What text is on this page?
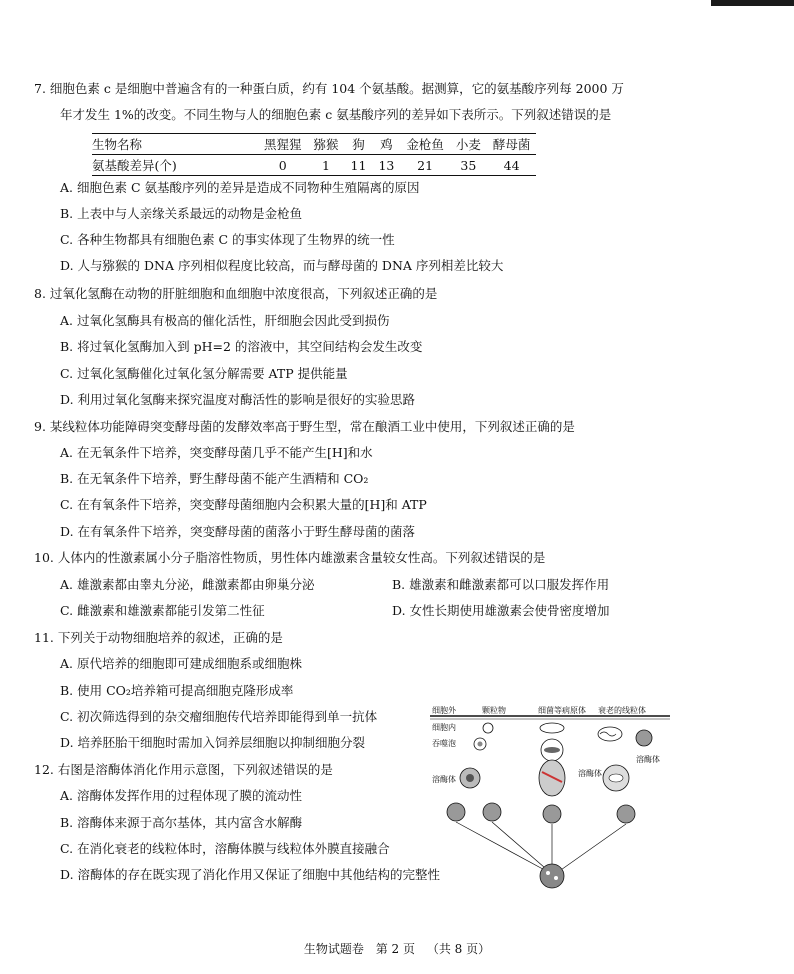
7. 细胞色素 c 是细胞中普遍含有的一种蛋白质，约有 104 个氨基酸。据测算，它的氨基酸序列每 2000 万
年才发生 1%的改变。不同生物与人的细胞色素 c 氨基酸序列的差异如下表所示。下列叙述错误的是
生物名称	黑猩猩	猕猴	狗	鸡	金枪鱼	小麦	酵母菌
氨基酸差异(个)	0	1	11	13	21	35	44
A. 细胞色素 C 氨基酸序列的差异是造成不同物种生殖隔离的原因
B. 上表中与人亲缘关系最远的动物是金枪鱼
C. 各种生物都具有细胞色素 C 的事实体现了生物界的统一性
D. 人与猕猴的 DNA 序列相似程度比较高，而与酵母菌的 DNA 序列相差比较大
8. 过氧化氢酶在动物的肝脏细胞和血细胞中浓度很高，下列叙述正确的是
A. 过氧化氢酶具有极高的催化活性，肝细胞会因此受到损伤
B. 将过氧化氢酶加入到 pH=2 的溶液中，其空间结构会发生改变
C. 过氧化氢酶催化过氧化氢分解需要 ATP 提供能量
D. 利用过氧化氢酶来探究温度对酶活性的影响是很好的实验思路
9. 某线粒体功能障碍突变酵母菌的发酵效率高于野生型，常在酿酒工业中使用，下列叙述正确的是
A. 在无氧条件下培养，突变酵母菌几乎不能产生[H]和水
B. 在无氧条件下培养，野生酵母菌不能产生酒精和 CO₂
C. 在有氧条件下培养，突变酵母菌细胞内会积累大量的[H]和 ATP
D. 在有氧条件下培养，突变酵母菌的菌落小于野生酵母菌的菌落
10. 人体内的性激素属小分子脂溶性物质，男性体内雄激素含量较女性高。下列叙述错误的是
A. 雄激素都由睾丸分泌，雌激素都由卵巢分泌	B. 雄激素和雌激素都可以口服发挥作用
C. 雌激素和雄激素都能引发第二性征	D. 女性长期使用雄激素会使骨密度增加
11. 下列关于动物细胞培养的叙述，正确的是
A. 原代培养的细胞即可建成细胞系或细胞株
B. 使用 CO₂培养箱可提高细胞克隆形成率
C. 初次筛选得到的杂交瘤细胞传代培养即能得到单一抗体
D. 培养胚胎干细胞时需加入饲养层细胞以抑制细胞分裂
12. 右图是溶酶体消化作用示意图，下列叙述错误的是
A. 溶酶体发挥作用的过程体现了膜的流动性
B. 溶酶体来源于高尔基体，其内富含水解酶
C. 在消化衰老的线粒体时，溶酶体膜与线粒体外膜直接融合
D. 溶酶体的存在既实现了消化作用又保证了细胞中其他结构的完整性
细胞外
细胞内
颗粒物	细菌等病原体 衰老的线粒体
吞噬泡
溶酶体
溶酶体
溶酶体
生物试题卷 第 2 页 （共 8 页）
